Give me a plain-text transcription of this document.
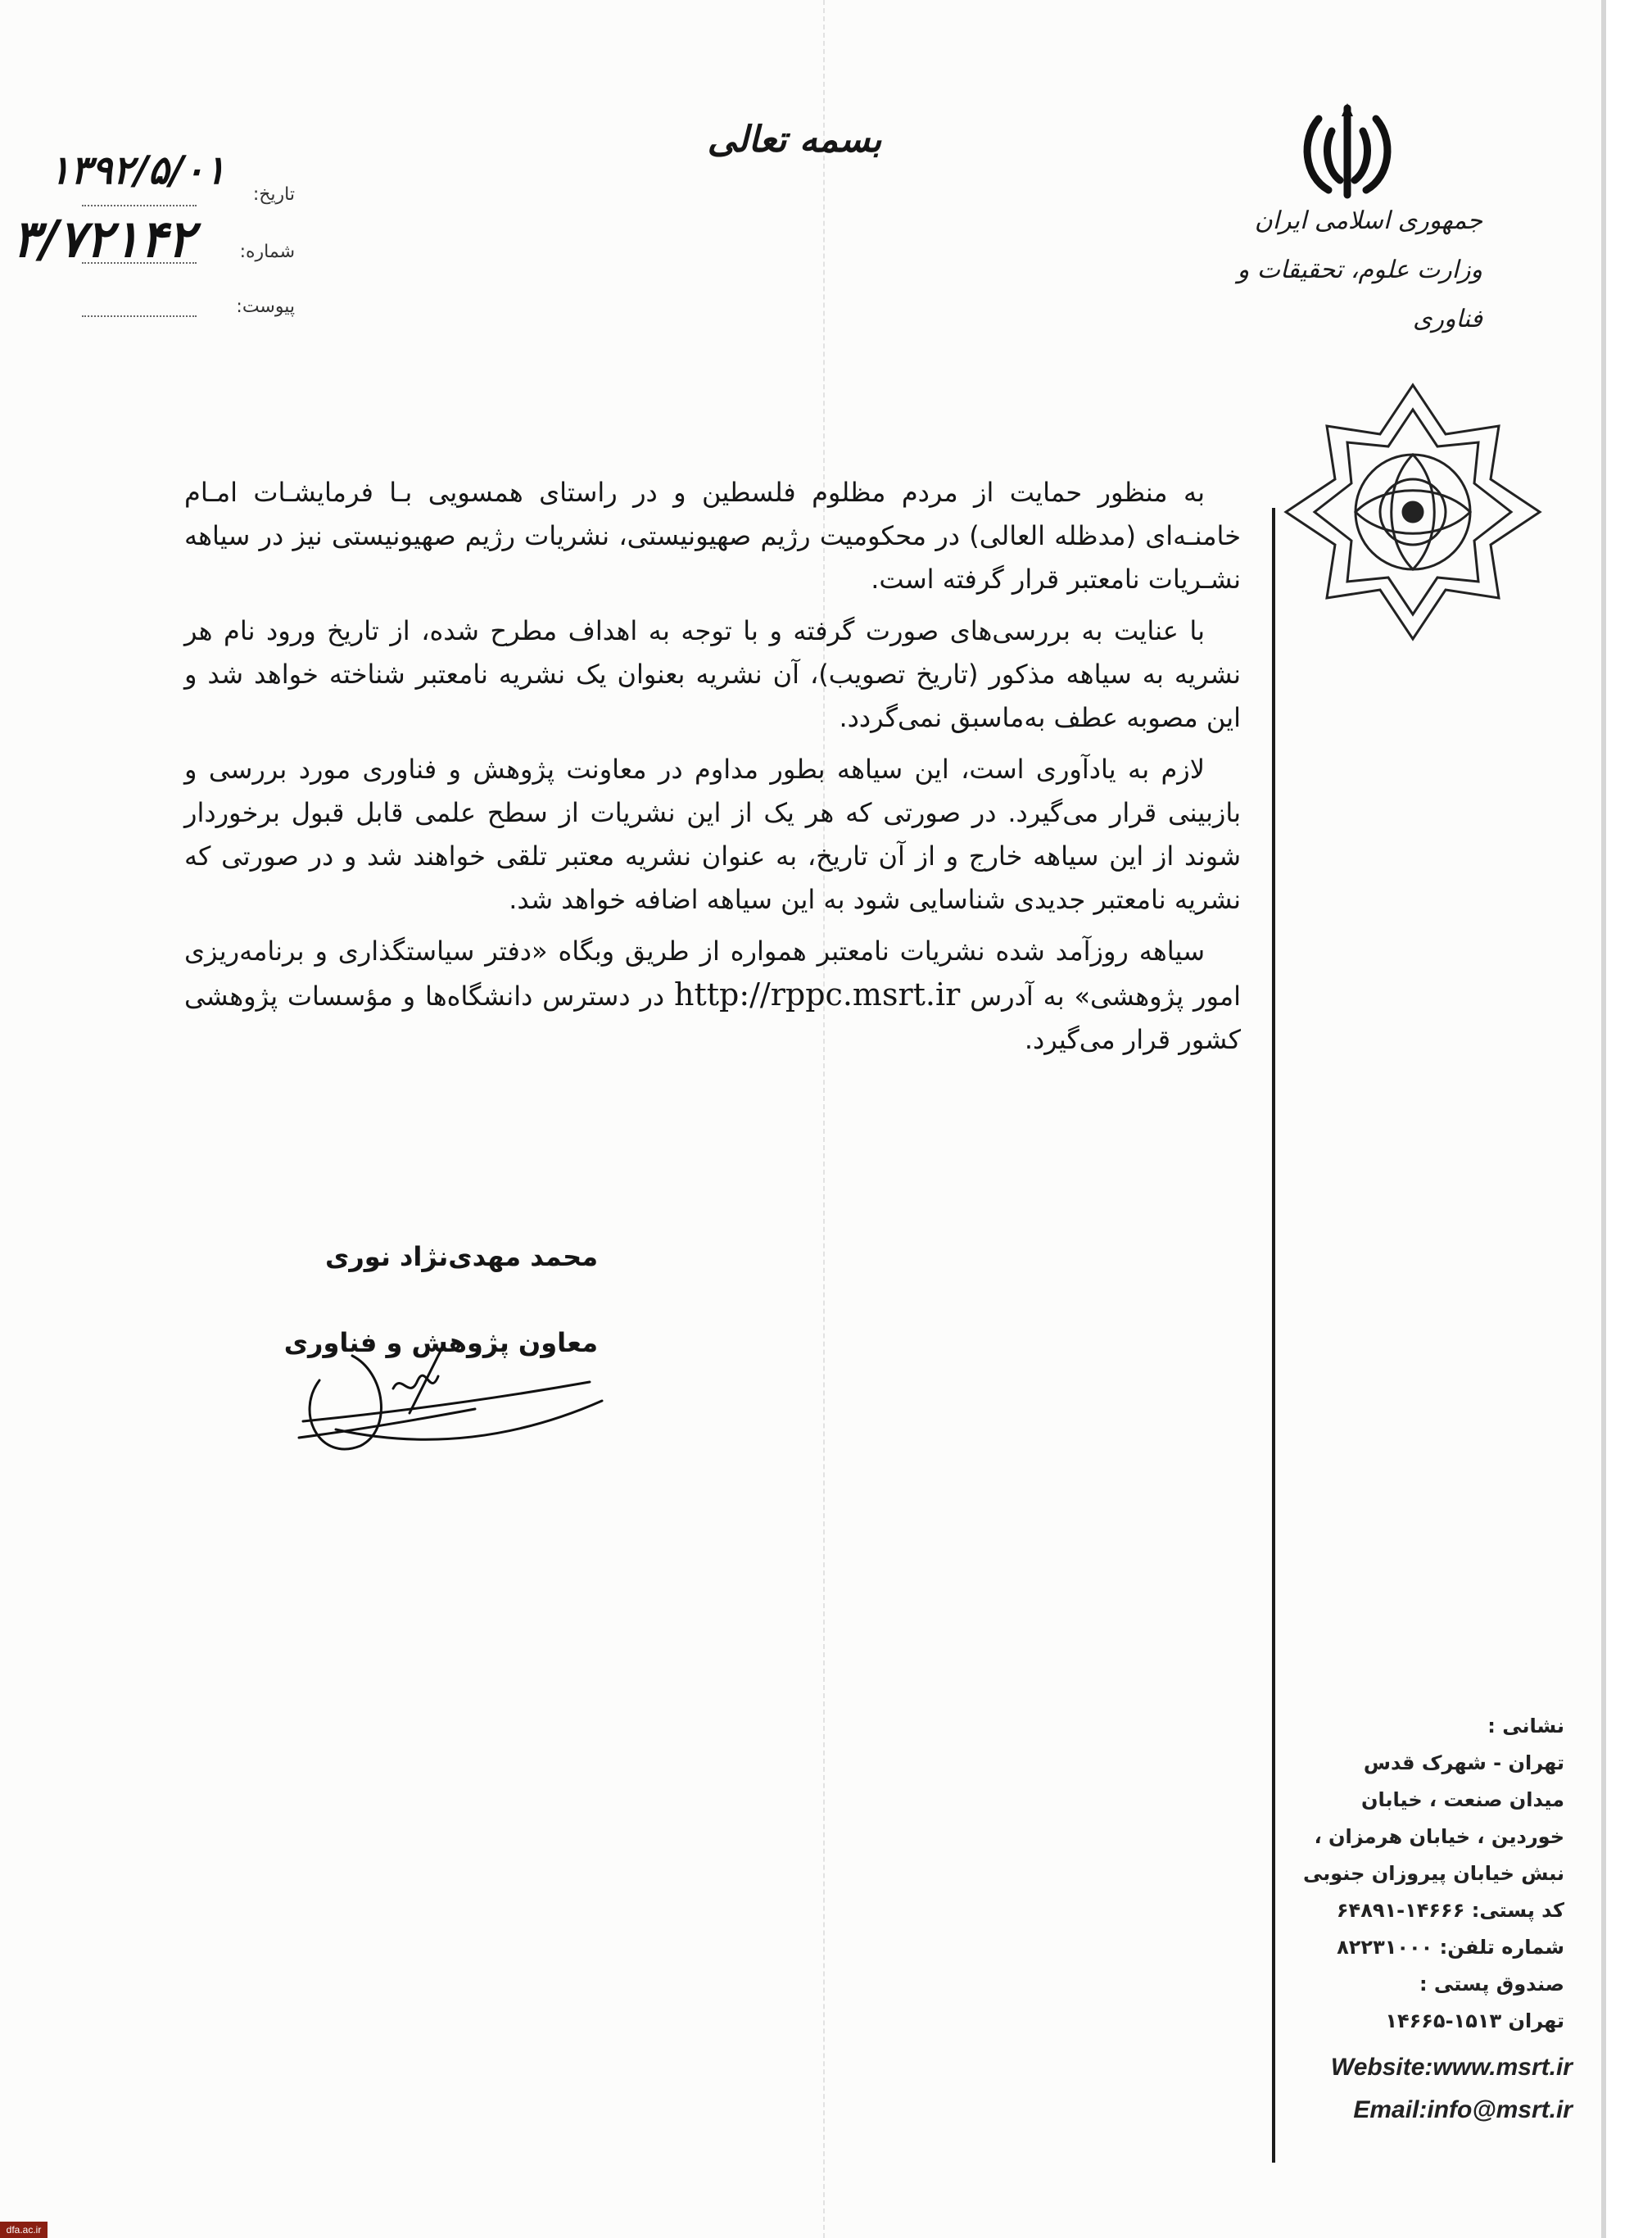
جمهوری اسلامی ایران
وزارت علوم، تحقیقات و فناوری
بسمه تعالی
تاریخ:
۱۳۹۲/۵/۰۱
شماره:
۳/۷۲۱۴۲
پیوست:

به منظور حمایت از مردم مظلوم فلسطین و در راستای همسویی بـا فرمایشـات امـام خامنـه‌ای (مدظله العالی) در محکومیت رژیم صهیونیستی، نشریات رژیم صهیونیستی نیز در سیاهه نشـریات نامعتبر قرار گرفته است.

با عنایت به بررسی‌های صورت گرفته و با توجه به اهداف مطرح شده، از تاریخ ورود نام هر نشریه به سیاهه مذکور (تاریخ تصویب)، آن نشریه بعنوان یک نشریه نامعتبر شناخته خواهد شد و این مصوبه عطف به‌ماسبق نمی‌گردد.

لازم به یادآوری است، این سیاهه بطور مداوم در معاونت پژوهش و فناوری مورد بررسی و بازبینی قرار می‌گیرد. در صورتی که هر یک از این نشریات از سطح علمی قابل قبول برخوردار شوند از این سیاهه خارج و از آن تاریخ، به عنوان نشریه معتبر تلقی خواهند شد و در صورتی که نشریه نامعتبر جدیدی شناسایی شود به این سیاهه اضافه خواهد شد.

سیاهه روزآمد شده نشریات نامعتبر همواره از طریق وبگاه «دفتر سیاستگذاری و برنامه‌ریزی امور پژوهشی» به آدرس http://rppc.msrt.ir در دسترس دانشگاه‌ها و مؤسسات پژوهشی کشور قرار می‌گیرد.

محمد مهدی‌نژاد نوری
معاون پژوهش و فناوری
نشانی :
تهران - شهرک قدس
میدان صنعت ، خیابان
خوردین ، خیابان هرمزان ،
نبش خیابان پیروزان جنوبی
کد پستی: ۱۴۶۶۶-۶۴۸۹۱
شماره تلفن: ۸۲۲۳۱۰۰۰
صندوق پستی :
تهران ۱۵۱۳-۱۴۶۶۵
Website:www.msrt.ir
Email:info@msrt.ir
dfa.ac.ir
